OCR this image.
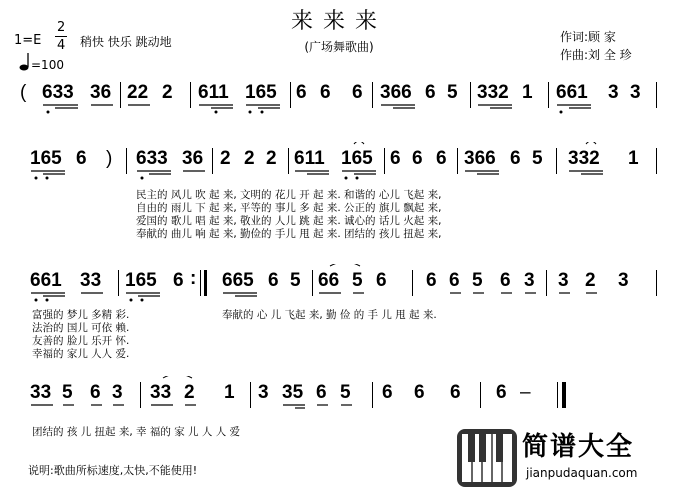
来来来
(广场舞歌曲)
1=E
2
4 稍快 快乐 跳动地
=100
作词:顾 家
作曲:刘 全 珍
( 633 36 22 2 611 165 6 6 6 366 6 5 332 1 661 3 3
165 6 ) 633 36 2 2 2 611 165 6 6 6 366 6 5 332 1
民主的 风儿 吹 起 来, 文明的 花儿 开 起 来. 和谐的 心儿 飞起 来,
自由的 雨儿 下 起 来, 平等的 事儿 多 起 来. 公正的 旗儿 飘起 来,
爱国的 歌儿 唱 起 来, 敬业的 人儿 跳 起 来. 诚心的 话儿 火起 来,
奉献的 曲儿 响 起 来, 勤俭的 手儿 甩 起 来. 团结的 孩儿 扭起 来,
661 33 165 6 : 665 6 5 66 5 6 6 6 5 6 3 3 2 3
富强的 梦儿 多精 彩.
法治的 国儿 可依 赖.
友善的 脸儿 乐开 怀.
幸福的 家儿 人人 爱.
奉献的 心 儿 飞起 来, 勤 俭 的 手 儿 甩 起 来.
33 5 6 3 33 2 1 3 35 6 5 6 6 6 6 –
团结的 孩 儿 扭起 来, 幸 福的 家 儿 人 人 爱
说明:歌曲所标速度,太快,不能使用!
简谱大全
jianpudaquan.com
